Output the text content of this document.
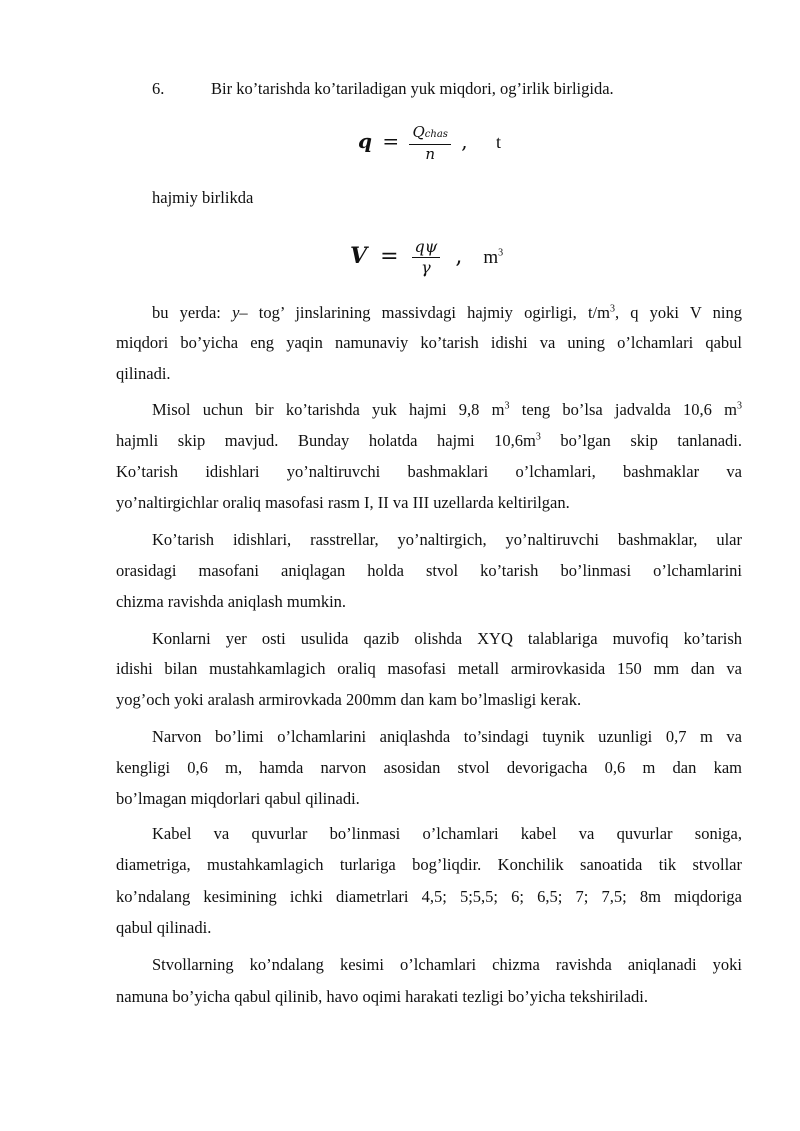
6.	Bir ko’tarishda ko’tariladigan yuk miqdori, og’irlik birligida.
$q = \frac{\text{Qchas}}{n}$ , t
hajmiy birlikda
$V = \frac{q\psi}{\gamma}$ , $m^3$
bu yerda: y– tog’ jinslarining massivdagi hajmiy ogirligi, $t/m^3$, q yoki V ning
miqdori bo’yicha eng yaqin namunaviy ko’tarish idishi va uning o’lchamlari qabul
qilinadi.
Misol uchun bir ko’tarishda yuk hajmi 9,8 $m^3$ teng bo’lsa jadvalda 10,6 $m^3$
hajmli skip mavjud. Bunday holatda hajmi $10,6m^3$ bo’lgan skip tanlanadi.
Ko’tarish idishlari yo’naltiruvchi bashmaklari o’lchamlari, bashmaklar va
yo’naltirgichlar oraliq masofasi rasm I, II va III uzellarda keltirilgan.
Ko’tarish idishlari, rasstrellar, yo’naltirgich, yo’naltiruvchi bashmaklar, ular
orasidagi masofani aniqlagan holda stvol ko’tarish bo’linmasi o’lchamlarini
chizma ravishda aniqlash mumkin.
Konlarni yer osti usulida qazib olishda XYQ talablariga muvofiq ko’tarish
idishi bilan mustahkamlagich oraliq masofasi metall armirovkasida 150 mm dan va
yog’och yoki aralash armirovkada 200mm dan kam bo’lmasligi kerak.
Narvon bo’limi o’lchamlarini aniqlashda to’sindagi tuynik uzunligi 0,7 m va
kengligi 0,6 m, hamda narvon asosidan stvol devorigacha 0,6 m dan kam
bo’lmagan miqdorlari qabul qilinadi.
Kabel va quvurlar bo’linmasi o’lchamlari kabel va quvurlar soniga,
diametriga, mustahkamlagich turlariga bog’liqdir. Konchilik sanoatida tik stvollar
ko’ndalang kesimining ichki diametrlari 4,5; 5;5,5; 6; 6,5; 7; 7,5; 8m miqdoriga
qabul qilinadi.
Stvollarning ko’ndalang kesimi o’lchamlari chizma ravishda aniqlanadi yoki
namuna bo’yicha qabul qilinib, havo oqimi harakati tezligi bo’yicha tekshiriladi.
